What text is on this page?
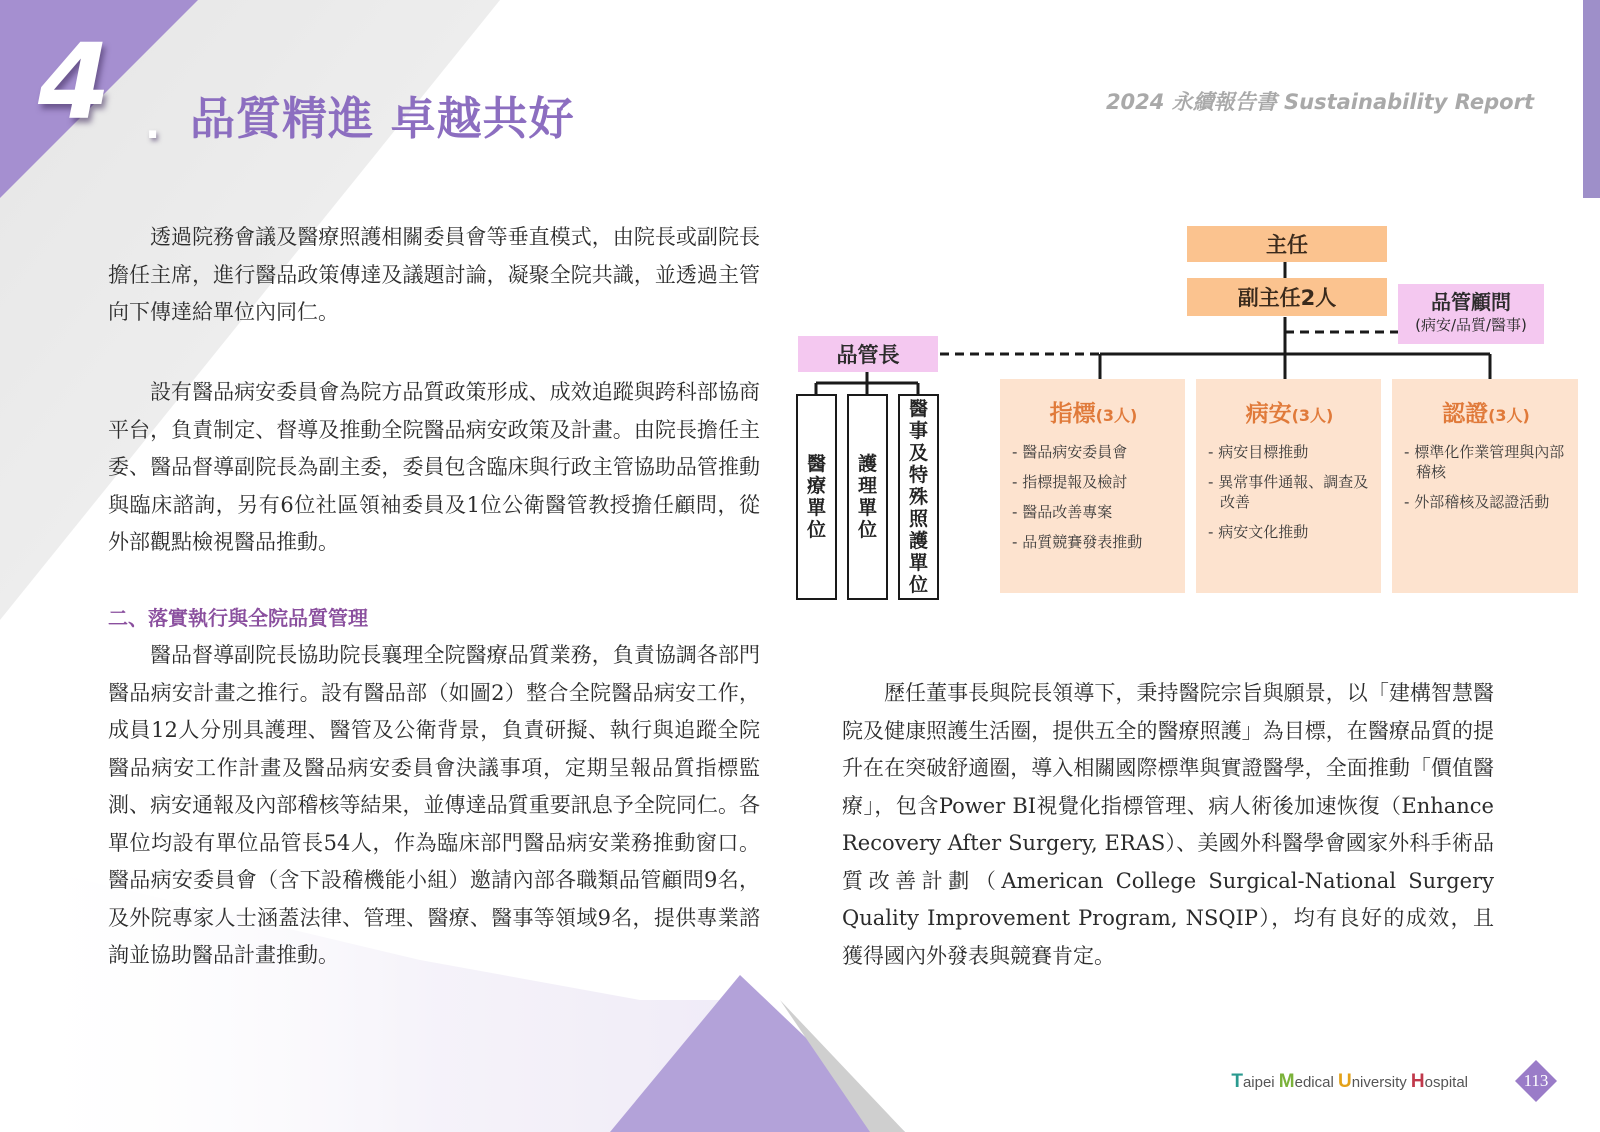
4 . 品質精進 卓越共好	2024 永續報告書 Sustainability Report

透過院務會議及醫療照護相關委員會等垂直模式，由院長或副院長擔任主席，進行醫品政策傳達及議題討論，凝聚全院共識，並透過主管向下傳達給單位內同仁。

設有醫品病安委員會為院方品質政策形成、成效追蹤與跨科部協商平台，負責制定、督導及推動全院醫品病安政策及計畫。由院長擔任主委、醫品督導副院長為副主委，委員包含臨床與行政主管協助品管推動與臨床諮詢，另有6位社區領袖委員及1位公衛醫管教授擔任顧問，從外部觀點檢視醫品推動。

二、落實執行與全院品質管理

醫品督導副院長協助院長襄理全院醫療品質業務，負責協調各部門醫品病安計畫之推行。設有醫品部（如圖2）整合全院醫品病安工作，成員12人分別具護理、醫管及公衛背景，負責研擬、執行與追蹤全院醫品病安工作計畫及醫品病安委員會決議事項，定期呈報品質指標監測、病安通報及內部稽核等結果，並傳達品質重要訊息予全院同仁。各單位均設有單位品管長54人，作為臨床部門醫品病安業務推動窗口。醫品病安委員會（含下設稽機能小組）邀請內部各職類品管顧問9名，及外院專家人士涵蓋法律、管理、醫療、醫事等領域9名，提供專業諮詢並協助醫品計畫推動。

歷任董事長與院長領導下，秉持醫院宗旨與願景，以「建構智慧醫院及健康照護生活圈，提供五全的醫療照護」為目標，在醫療品質的提升在在突破舒適圈，導入相關國際標準與實證醫學，全面推動「價值醫療」，包含Power BI視覺化指標管理、病人術後加速恢復（Enhance Recovery After Surgery, ERAS）、美國外科醫學會國家外科手術品質改善計劃（American College Surgical-National Surgery Quality Improvement Program, NSQIP），均有良好的成效，且獲得國內外發表與競賽肯定。

主任
副主任2人	品管顧問
(病安/品質/醫事)
品管長
醫療單位
護理單位
醫事及特殊照護單位
指標(3人)
- 醫品病安委員會
- 指標提報及檢討
- 醫品改善專案
- 品質競賽發表推動
病安(3人)
- 病安目標推動
- 異常事件通報、調查及改善
- 病安文化推動
認證(3人)
- 標準化作業管理與內部稽核
- 外部稽核及認證活動
Taipei Medical University Hospital	113
